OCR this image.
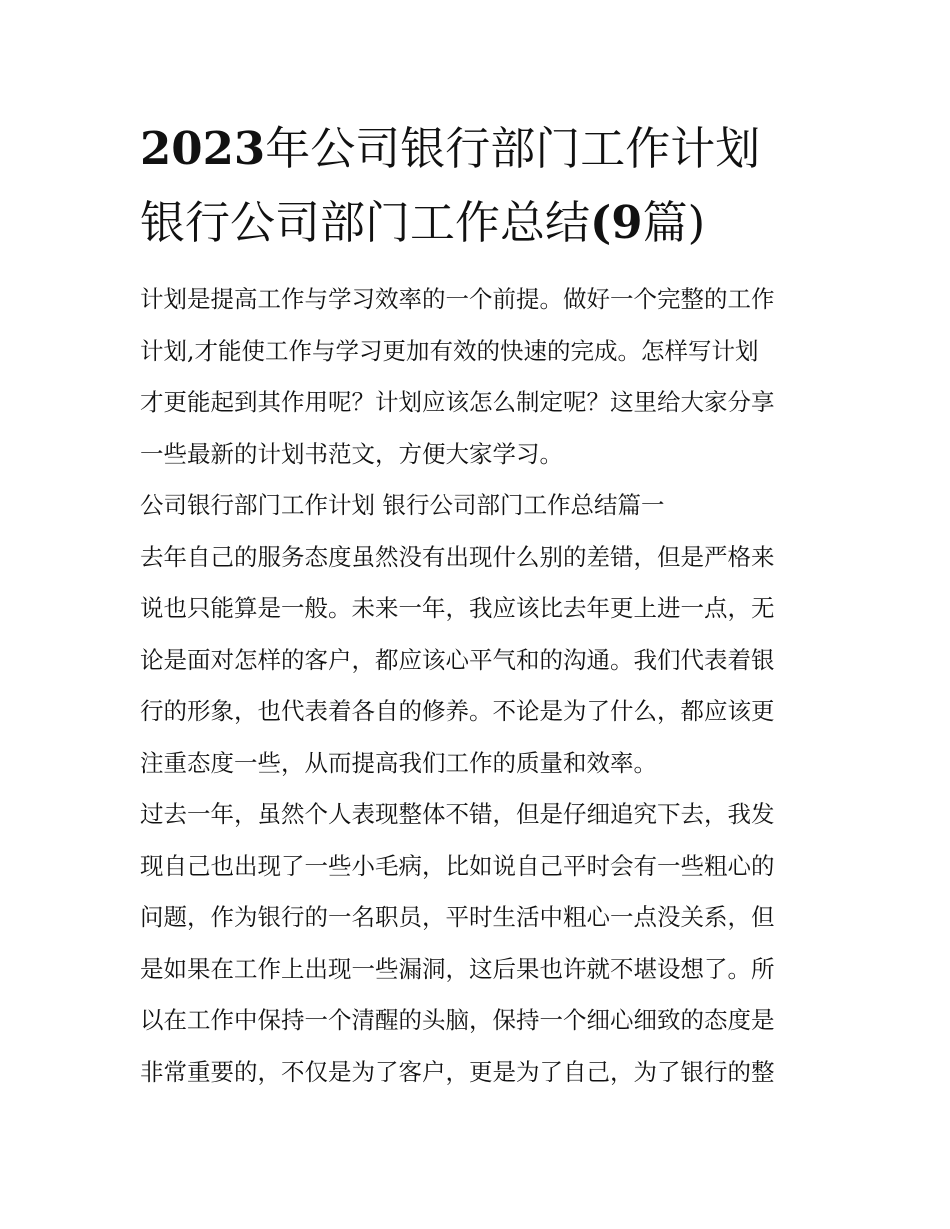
2023年公司银行部门工作计划
银行公司部门工作总结(9篇)
计划是提高工作与学习效率的一个前提。做好一个完整的工作
计划,才能使工作与学习更加有效的快速的完成。怎样写计划
才更能起到其作用呢？计划应该怎么制定呢？这里给大家分享
一些最新的计划书范文，方便大家学习。
公司银行部门工作计划 银行公司部门工作总结篇一
去年自己的服务态度虽然没有出现什么别的差错，但是严格来
说也只能算是一般。未来一年，我应该比去年更上进一点，无
论是面对怎样的客户，都应该心平气和的沟通。我们代表着银
行的形象，也代表着各自的修养。不论是为了什么，都应该更
注重态度一些，从而提高我们工作的质量和效率。
过去一年，虽然个人表现整体不错，但是仔细追究下去，我发
现自己也出现了一些小毛病，比如说自己平时会有一些粗心的
问题，作为银行的一名职员，平时生活中粗心一点没关系，但
是如果在工作上出现一些漏洞，这后果也许就不堪设想了。所
以在工作中保持一个清醒的头脑，保持一个细心细致的态度是
非常重要的，不仅是为了客户，更是为了自己，为了银行的整
